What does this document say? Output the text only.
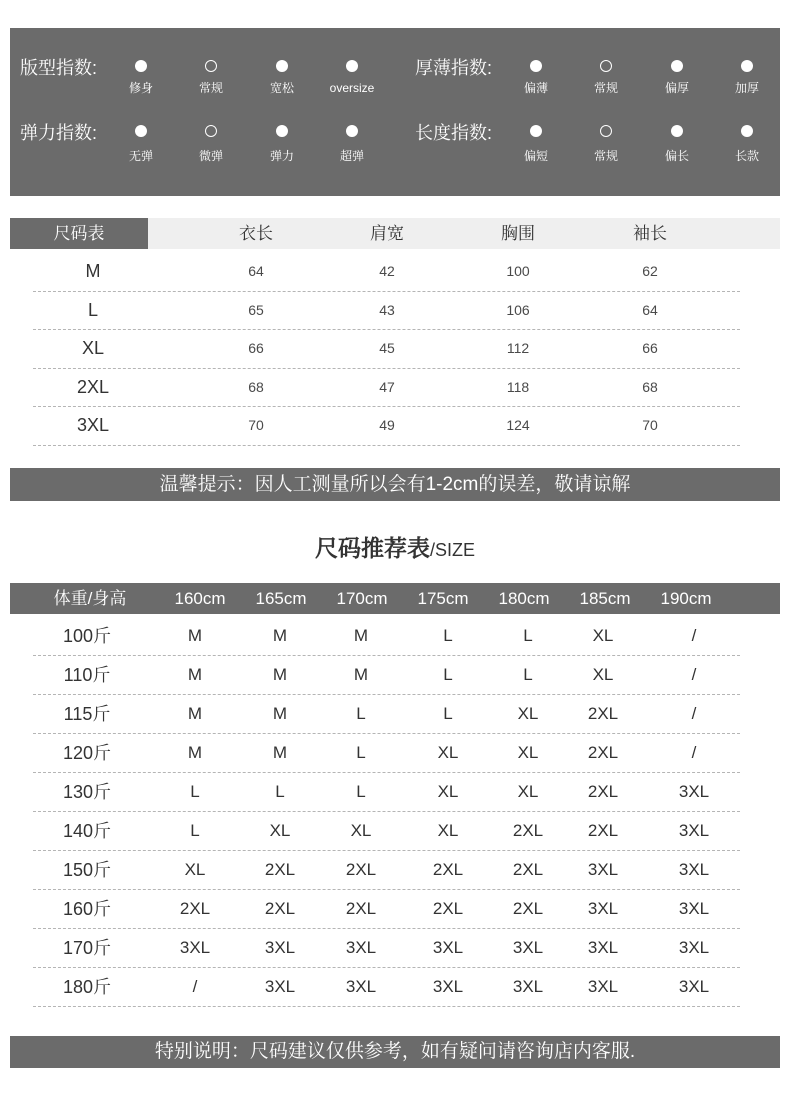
版型指数:
修身	常规	宽松	oversize
厚薄指数:
偏薄	常规	偏厚	加厚
弹力指数:
无弹	微弹	弹力	超弹
长度指数:
偏短	常规	偏长	长款
尺码表	衣长	肩宽	胸围	袖长
M	64	42	100	62
L	65	43	106	64
XL	66	45	112	66
2XL	68	47	118	68
3XL	70	49	124	70
温馨提示：因人工测量所以会有1-2cm的误差，敬请谅解
尺码推荐表/SIZE
体重/身高	160cm	165cm	170cm	175cm	180cm	185cm	190cm
100斤	M	M	M	L	L	XL	/
110斤	M	M	M	L	L	XL	/
115斤	M	M	L	L	XL	2XL	/
120斤	M	M	L	XL	XL	2XL	/
130斤	L	L	L	XL	XL	2XL	3XL
140斤	L	XL	XL	XL	2XL	2XL	3XL
150斤	XL	2XL	2XL	2XL	2XL	3XL	3XL
160斤	2XL	2XL	2XL	2XL	2XL	3XL	3XL
170斤	3XL	3XL	3XL	3XL	3XL	3XL	3XL
180斤	/	3XL	3XL	3XL	3XL	3XL	3XL
特别说明：尺码建议仅供参考，如有疑问请咨询店内客服.
